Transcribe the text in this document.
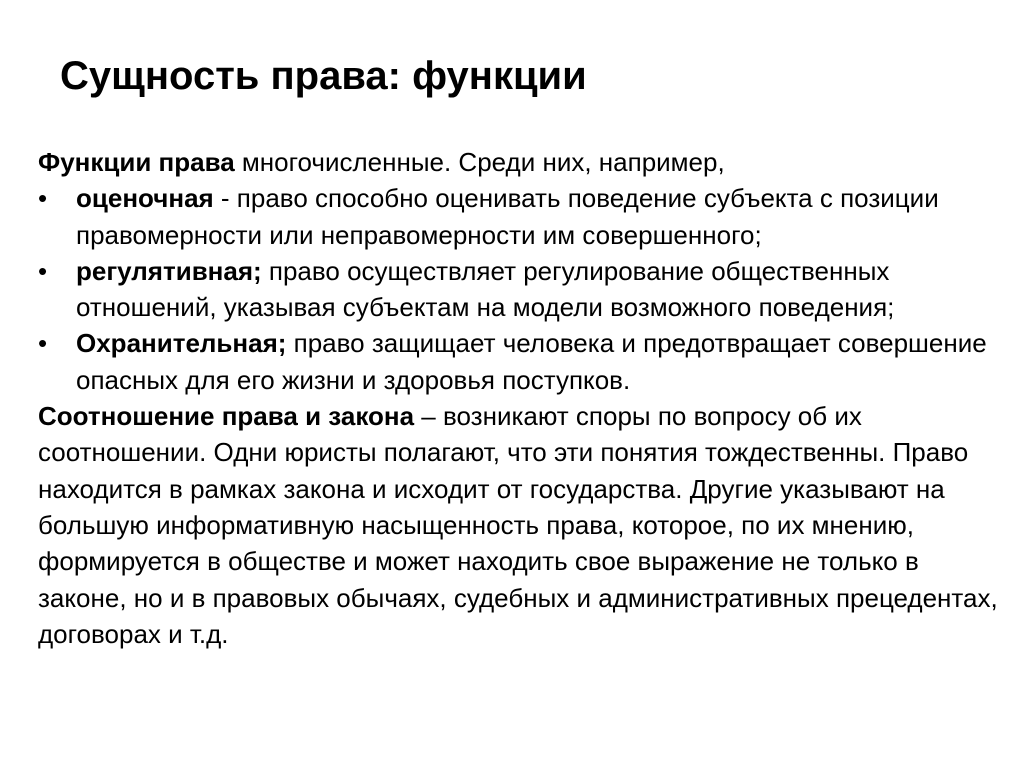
Сущность права: функции

Функции права многочисленные. Среди них, например,

•	оценочная - право способно оценивать поведение субъекта с позиции правомерности или неправомерности им совершенного;
•	регулятивная; право осуществляет регулирование общественных отношений, указывая субъектам на модели возможного поведения;
•	Охранительная; право защищает человека и предотвращает совершение опасных для его жизни и здоровья поступков.

Соотношение права и закона – возникают споры по вопросу об их соотношении. Одни юристы полагают, что эти понятия тождественны. Право находится в рамках закона и исходит от государства. Другие указывают на большую информативную насыщенность права, которое, по их мнению, формируется в обществе и может находить свое выражение не только в законе, но и в правовых обычаях, судебных и административных прецедентах, договорах и т.д.
